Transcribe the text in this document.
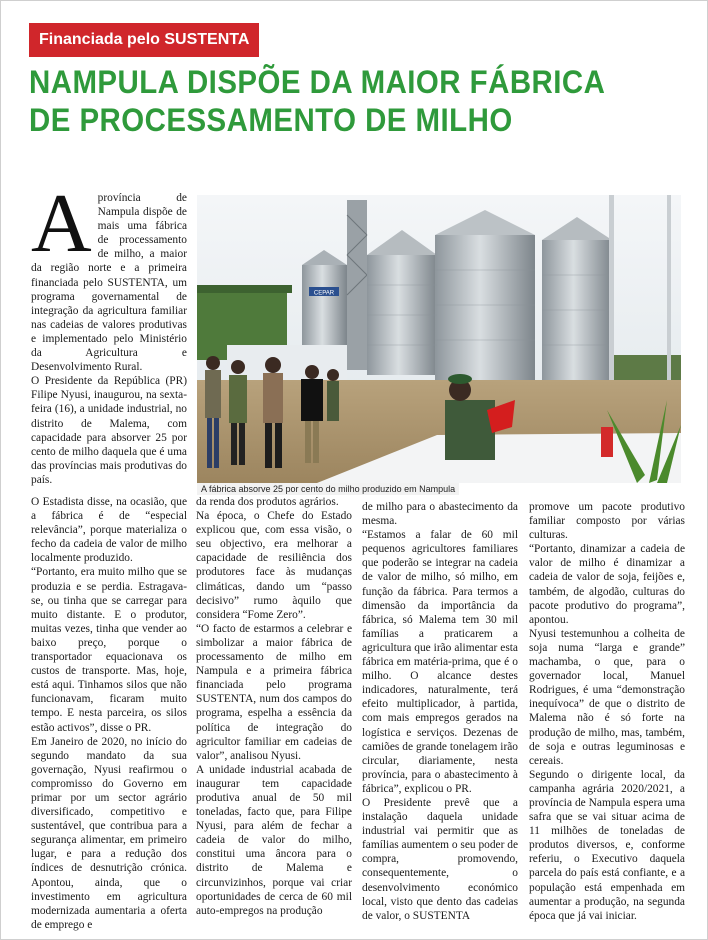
Financiada pelo SUSTENTA
NAMPULA DISPÕE DA MAIOR FÁBRICA
DE PROCESSAMENTO DE MILHO
A província de Nampula dispõe de mais uma fábrica de processamento de milho, a maior da região norte e a primeira financiada pelo SUSTENTA, um programa governamental de integração da agricultura familiar nas cadeias de valores produtivas e implementado pelo Ministério da Agricultura e Desenvolvimento Rural.

O Presidente da República (PR) Filipe Nyusi, inaugurou, na sexta-feira (16), a unidade industrial, no distrito de Malema, com capacidade para absorver 25 por cento de milho daquela que é uma das províncias mais produtivas do país.

CEPAR
A fábrica absorve 25 por cento do milho produzido em Nampula

O Estadista disse, na ocasião, que a fábrica é de “especial relevância”, porque materializa o fecho da cadeia de valor de milho localmente produzido.

“Portanto, era muito milho que se produzia e se perdia. Estragava-se, ou tinha que se carregar para muito distante. E o produtor, muitas vezes, tinha que vender ao baixo preço, porque o transportador equacionava os custos de transporte. Mas, hoje, está aqui. Tinhamos silos que não funcionavam, ficaram muito tempo. E nesta parceira, os silos estão activos”, disse o PR.

Em Janeiro de 2020, no início do segundo mandato da sua governação, Nyusi reafirmou o compromisso do Governo em primar por um sector agrário diversificado, competitivo e sustentável, que contribua para a segurança alimentar, em primeiro lugar, e para a redução dos índices de desnutrição crónica. Apontou, ainda, que o investimento em agricultura modernizada aumentaria a oferta de emprego e

da renda dos produtos agrários.

Na época, o Chefe do Estado explicou que, com essa visão, o seu objectivo, era melhorar a capacidade de resiliência dos produtores face às mudanças climáticas, dando um “passo decisivo” rumo àquilo que considera “Fome Zero”.

“O facto de estarmos a celebrar e simbolizar a maior fábrica de processamento de milho em Nampula e a primeira fábrica financiada pelo programa SUSTENTA, num dos campos do programa, espelha a essência da política de integração do agricultor familiar em cadeias de valor”, analisou Nyusi.

A unidade industrial acabada de inaugurar tem capacidade produtiva anual de 50 mil toneladas, facto que, para Filipe Nyusi, para além de fechar a cadeia de valor do milho, constitui uma âncora para o distrito de Malema e circunvizinhos, porque vai criar oportunidades de cerca de 60 mil auto-empregos na produção

de milho para o abastecimento da mesma.

“Estamos a falar de 60 mil pequenos agricultores familiares que poderão se integrar na cadeia de valor de milho, só milho, em função da fábrica. Para termos a dimensão da importância da fábrica, só Malema tem 30 mil famílias a praticarem a agricultura que irão alimentar esta fábrica em matéria-prima, que é o milho. O alcance destes indicadores, naturalmente, terá efeito multiplicador, à partida, com mais empregos gerados na logística e serviços. Dezenas de camiões de grande tonelagem irão circular, diariamente, nesta província, para o abastecimento à fábrica”, explicou o PR.

O Presidente prevê que a instalação daquela unidade industrial vai permitir que as famílias aumentem o seu poder de compra, promovendo, consequentemente, o desenvolvimento económico local, visto que dento das cadeias de valor, o SUSTENTA

promove um pacote produtivo familiar composto por várias culturas.

“Portanto, dinamizar a cadeia de valor de milho é dinamizar a cadeia de valor de soja, feijões e, também, de algodão, culturas do pacote produtivo do programa”, apontou.

Nyusi testemunhou a colheita de soja numa “larga e grande” machamba, o que, para o governador local, Manuel Rodrigues, é uma “demonstração inequívoca” de que o distrito de Malema não é só forte na produção de milho, mas, também, de soja e outras leguminosas e cereais.

Segundo o dirigente local, da campanha agrária 2020/2021, a província de Nampula espera uma safra que se vai situar acima de 11 milhões de toneladas de produtos diversos, e, conforme referiu, o Executivo daquela parcela do país está confiante, e a população está empenhada em aumentar a produção, na segunda época que já vai iniciar.
